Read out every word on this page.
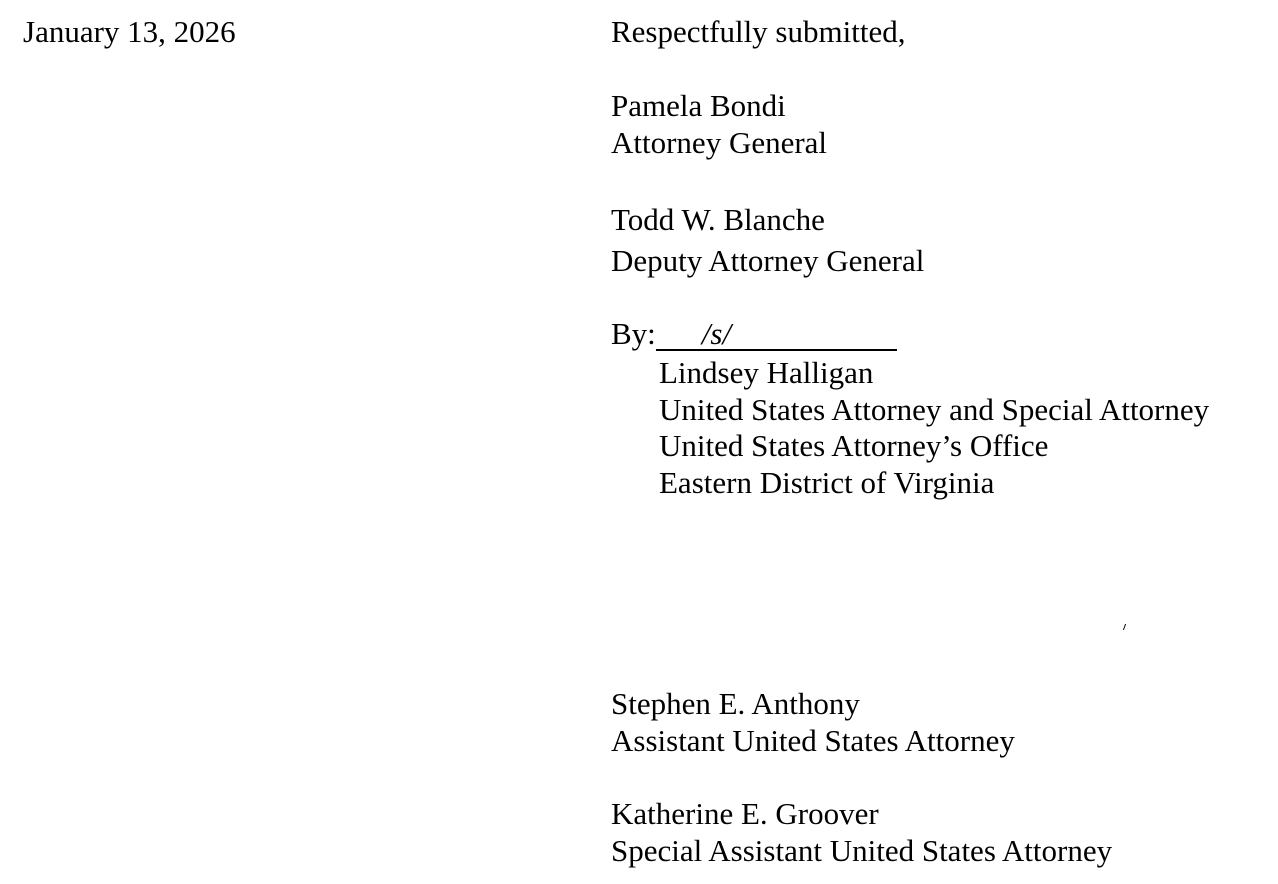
January 13, 2026	Respectfully submitted,
Pamela Bondi
Attorney General
Todd W. Blanche
Deputy Attorney General
By: /s/
Lindsey Halligan
United States Attorney and Special Attorney
United States Attorney’s Office
Eastern District of Virginia
Stephen E. Anthony
Assistant United States Attorney
Katherine E. Groover
Special Assistant United States Attorney
